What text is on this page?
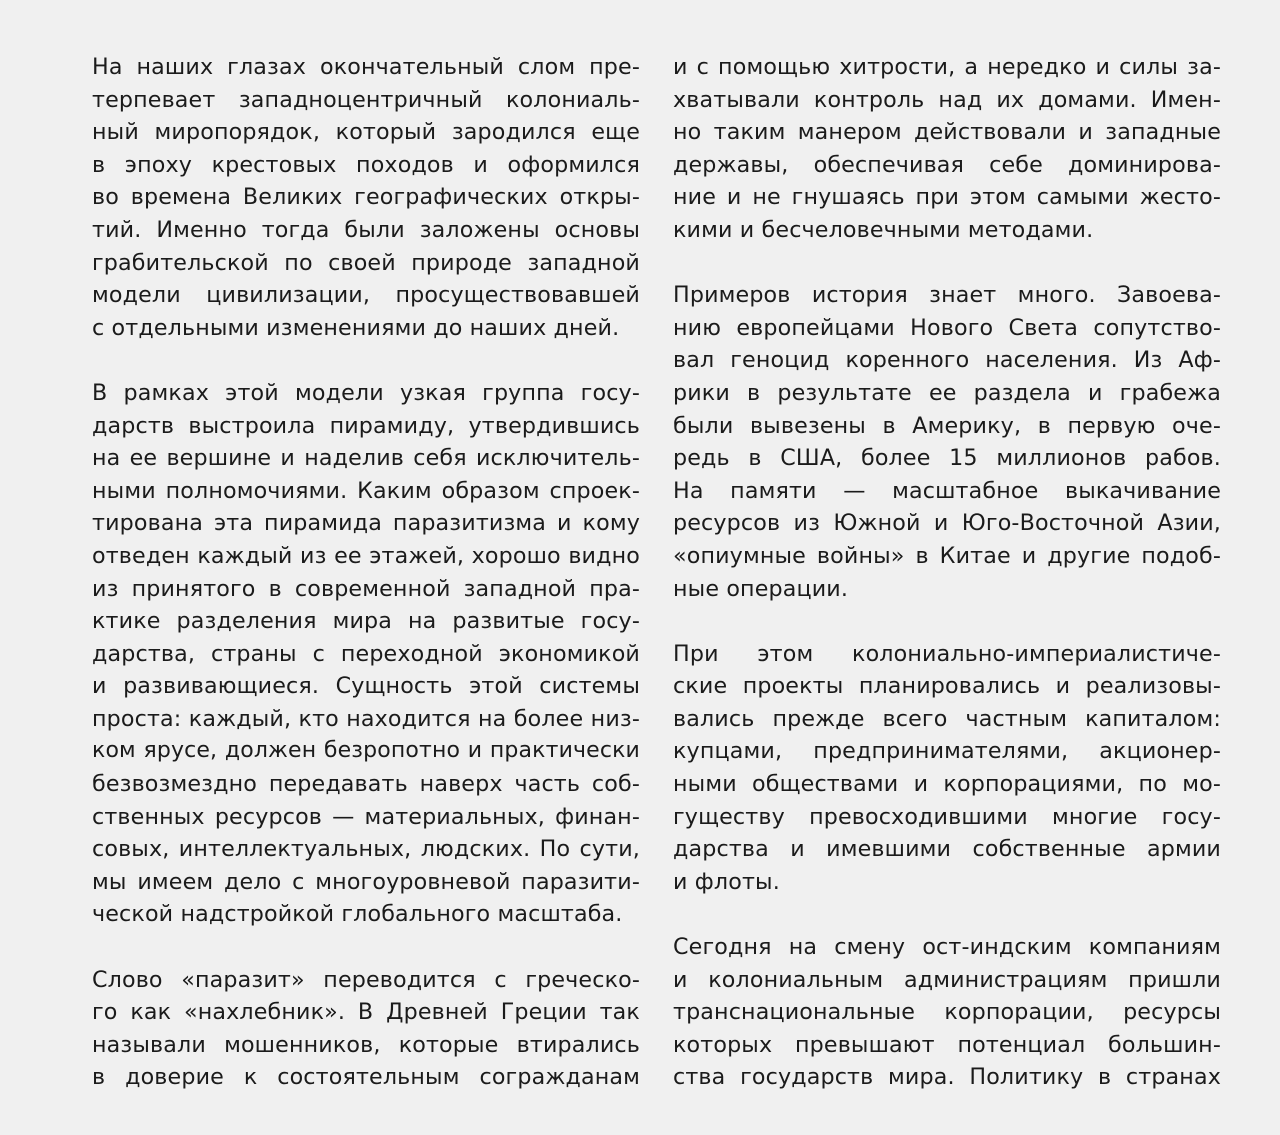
На наших глазах окончательный слом пре-
терпевает западноцентричный колониаль-
ный миропорядок, который зародился еще
в эпоху крестовых походов и оформился
во времена Великих географических откры-
тий. Именно тогда были заложены основы
грабительской по своей природе западной
модели цивилизации, просуществовавшей
с отдельными изменениями до наших дней.
В рамках этой модели узкая группа госу-
дарств выстроила пирамиду, утвердившись
на ее вершине и наделив себя исключитель-
ными полномочиями. Каким образом спроек-
тирована эта пирамида паразитизма и кому
отведен каждый из ее этажей, хорошо видно
из принятого в современной западной пра-
ктике разделения мира на развитые госу-
дарства, страны с переходной экономикой
и развивающиеся. Сущность этой системы
проста: каждый, кто находится на более низ-
ком ярусе, должен безропотно и практически
безвозмездно передавать наверх часть соб-
ственных ресурсов — материальных, финан-
совых, интеллектуальных, людских. По сути,
мы имеем дело с многоуровневой паразити-
ческой надстройкой глобального масштаба.
Слово «паразит» переводится с греческо-
го как «нахлебник». В Древней Греции так
называли мошенников, которые втирались
в доверие к состоятельным согражданам
и с помощью хитрости, а нередко и силы за-
хватывали контроль над их домами. Имен-
но таким манером действовали и западные
державы, обеспечивая себе доминирова-
ние и не гнушаясь при этом самыми жесто-
кими и бесчеловечными методами.
Примеров история знает много. Завоева-
нию европейцами Нового Света сопутство-
вал геноцид коренного населения. Из Аф-
рики в результате ее раздела и грабежа
были вывезены в Америку, в первую оче-
редь в США, более 15 миллионов рабов.
На памяти — масштабное выкачивание
ресурсов из Южной и Юго-Восточной Азии,
«опиумные войны» в Китае и другие подоб-
ные операции.
При этом колониально-империалистиче-
ские проекты планировались и реализовы-
вались прежде всего частным капиталом:
купцами, предпринимателями, акционер-
ными обществами и корпорациями, по мо-
гуществу превосходившими многие госу-
дарства и имевшими собственные армии
и флоты.
Сегодня на смену ост-индским компаниям
и колониальным администрациям пришли
транснациональные корпорации, ресурсы
которых превышают потенциал большин-
ства государств мира. Политику в странах
